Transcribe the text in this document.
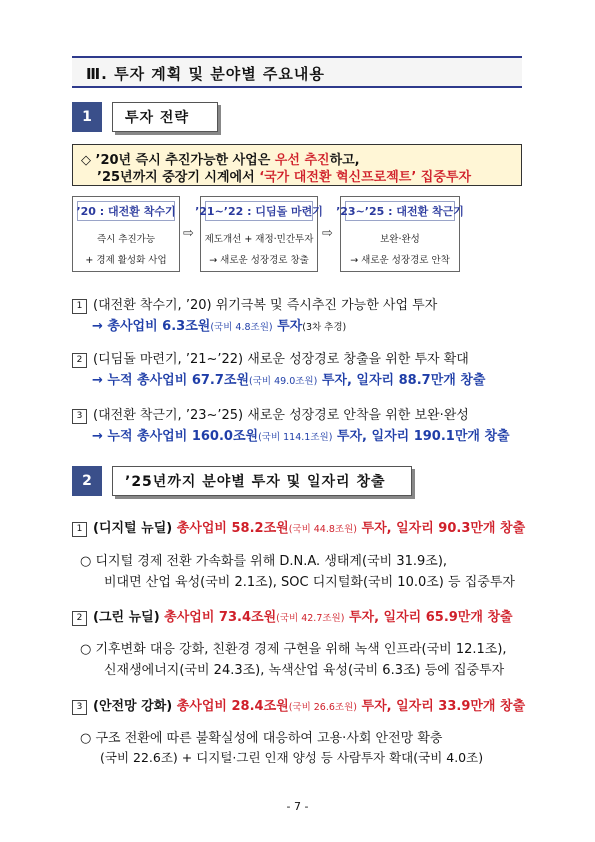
Ⅲ. 투자 계획 및 분야별 주요내용
1	투자 전략
◇ ’20년 즉시 추진가능한 사업은 우선 추진하고,
’25년까지 중장기 시계에서 ‘국가 대전환 혁신프로젝트’ 집중투자
’20 : 대전환 착수기
즉시 추진가능
+ 경제 활성화 사업
⇨
’21~’22 : 디딤돌 마련기
제도개선 + 재정·민간투자
→ 새로운 성장경로 창출
⇨
’23~’25 : 대전환 착근기
보완·완성
→ 새로운 성장경로 안착
1 (대전환 착수기, ’20) 위기극복 및 즉시추진 가능한 사업 투자
→ 총사업비 6.3조원(국비 4.8조원) 투자(3차 추경)
2 (디딤돌 마련기, ’21~’22) 새로운 성장경로 창출을 위한 투자 확대
→ 누적 총사업비 67.7조원(국비 49.0조원) 투자, 일자리 88.7만개 창출
3 (대전환 착근기, ’23~’25) 새로운 성장경로 안착을 위한 보완·완성
→ 누적 총사업비 160.0조원(국비 114.1조원) 투자, 일자리 190.1만개 창출
2	’25년까지 분야별 투자 및 일자리 창출
1 (디지털 뉴딜) 총사업비 58.2조원(국비 44.8조원) 투자, 일자리 90.3만개 창출
○ 디지털 경제 전환 가속화를 위해 D.N.A. 생태계(국비 31.9조),
비대면 산업 육성(국비 2.1조), SOC 디지털화(국비 10.0조) 등 집중투자
2 (그린 뉴딜) 총사업비 73.4조원(국비 42.7조원) 투자, 일자리 65.9만개 창출
○ 기후변화 대응 강화, 친환경 경제 구현을 위해 녹색 인프라(국비 12.1조),
신재생에너지(국비 24.3조), 녹색산업 육성(국비 6.3조) 등에 집중투자
3 (안전망 강화) 총사업비 28.4조원(국비 26.6조원) 투자, 일자리 33.9만개 창출
○ 구조 전환에 따른 불확실성에 대응하여 고용·사회 안전망 확충
(국비 22.6조) + 디지털·그린 인재 양성 등 사람투자 확대(국비 4.0조)
- 7 -
